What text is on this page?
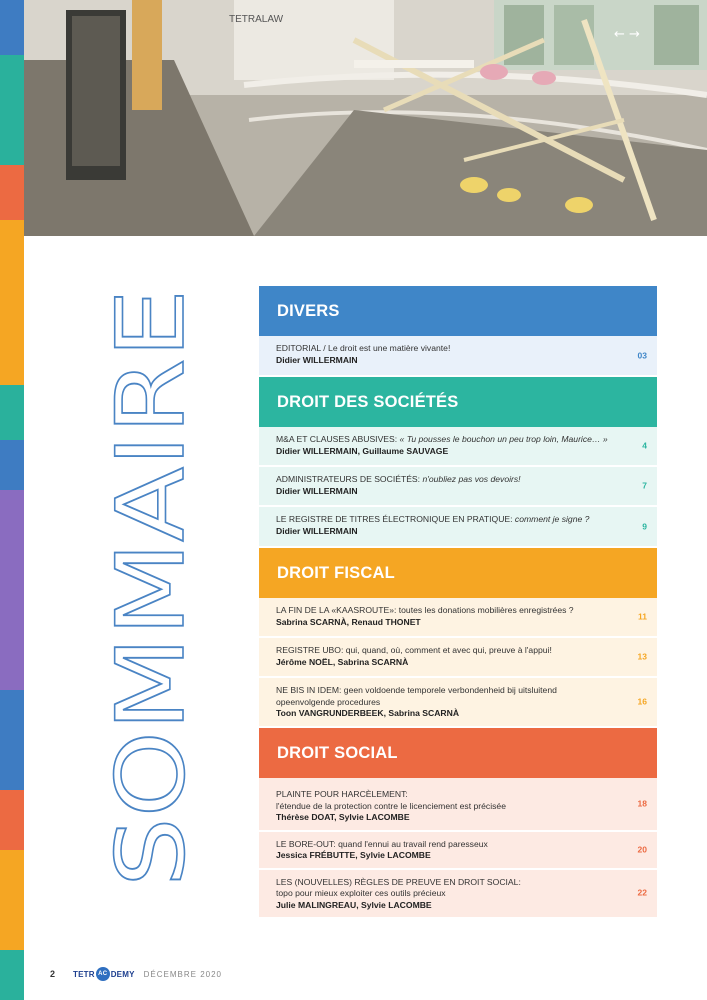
TETRALAW
← →
SOMMAIRE
DIVERS
EDITORIAL / Le droit est une matière vivante!
Didier WILLERMAIN	03
DROIT DES SOCIÉTÉS
M&A ET CLAUSES ABUSIVES: « Tu pousses le bouchon un peu trop loin, Maurice… »
Didier WILLERMAIN, Guillaume SAUVAGE
4
ADMINISTRATEURS DE SOCIÉTÉS: n'oubliez pas vos devoirs!
Didier WILLERMAIN
7
LE REGISTRE DE TITRES ÉLECTRONIQUE EN PRATIQUE: comment je signe ?
Didier WILLERMAIN	9
DROIT FISCAL
LA FIN DE LA «KAASROUTE»: toutes les donations mobilières enregistrées ?
Sabrina SCARNÀ, Renaud THONET
11
REGISTRE UBO: qui, quand, où, comment et avec qui, preuve à l'appui!
Jérôme NOËL, Sabrina SCARNÀ
13
NE BIS IN IDEM: geen voldoende temporele verbondenheid bij uitsluitend
opeenvolgende procedures
Toon VANGRUNDERBEEK, Sabrina SCARNÀ
16
DROIT SOCIAL
PLAINTE POUR HARCÈLEMENT:
l'étendue de la protection contre le licenciement est précisée
Thérèse DOAT, Sylvie LACOMBE
18
LE BORE-OUT: quand l'ennui au travail rend paresseux
Jessica FRÉBUTTE, Sylvie LACOMBE
20
LES (NOUVELLES) RÈGLES DE PREUVE EN DROIT SOCIAL:
topo pour mieux exploiter ces outils précieux
Julie MALINGREAU, Sylvie LACOMBE
22
2 TETR AC DEMY DÉCEMBRE 2020
